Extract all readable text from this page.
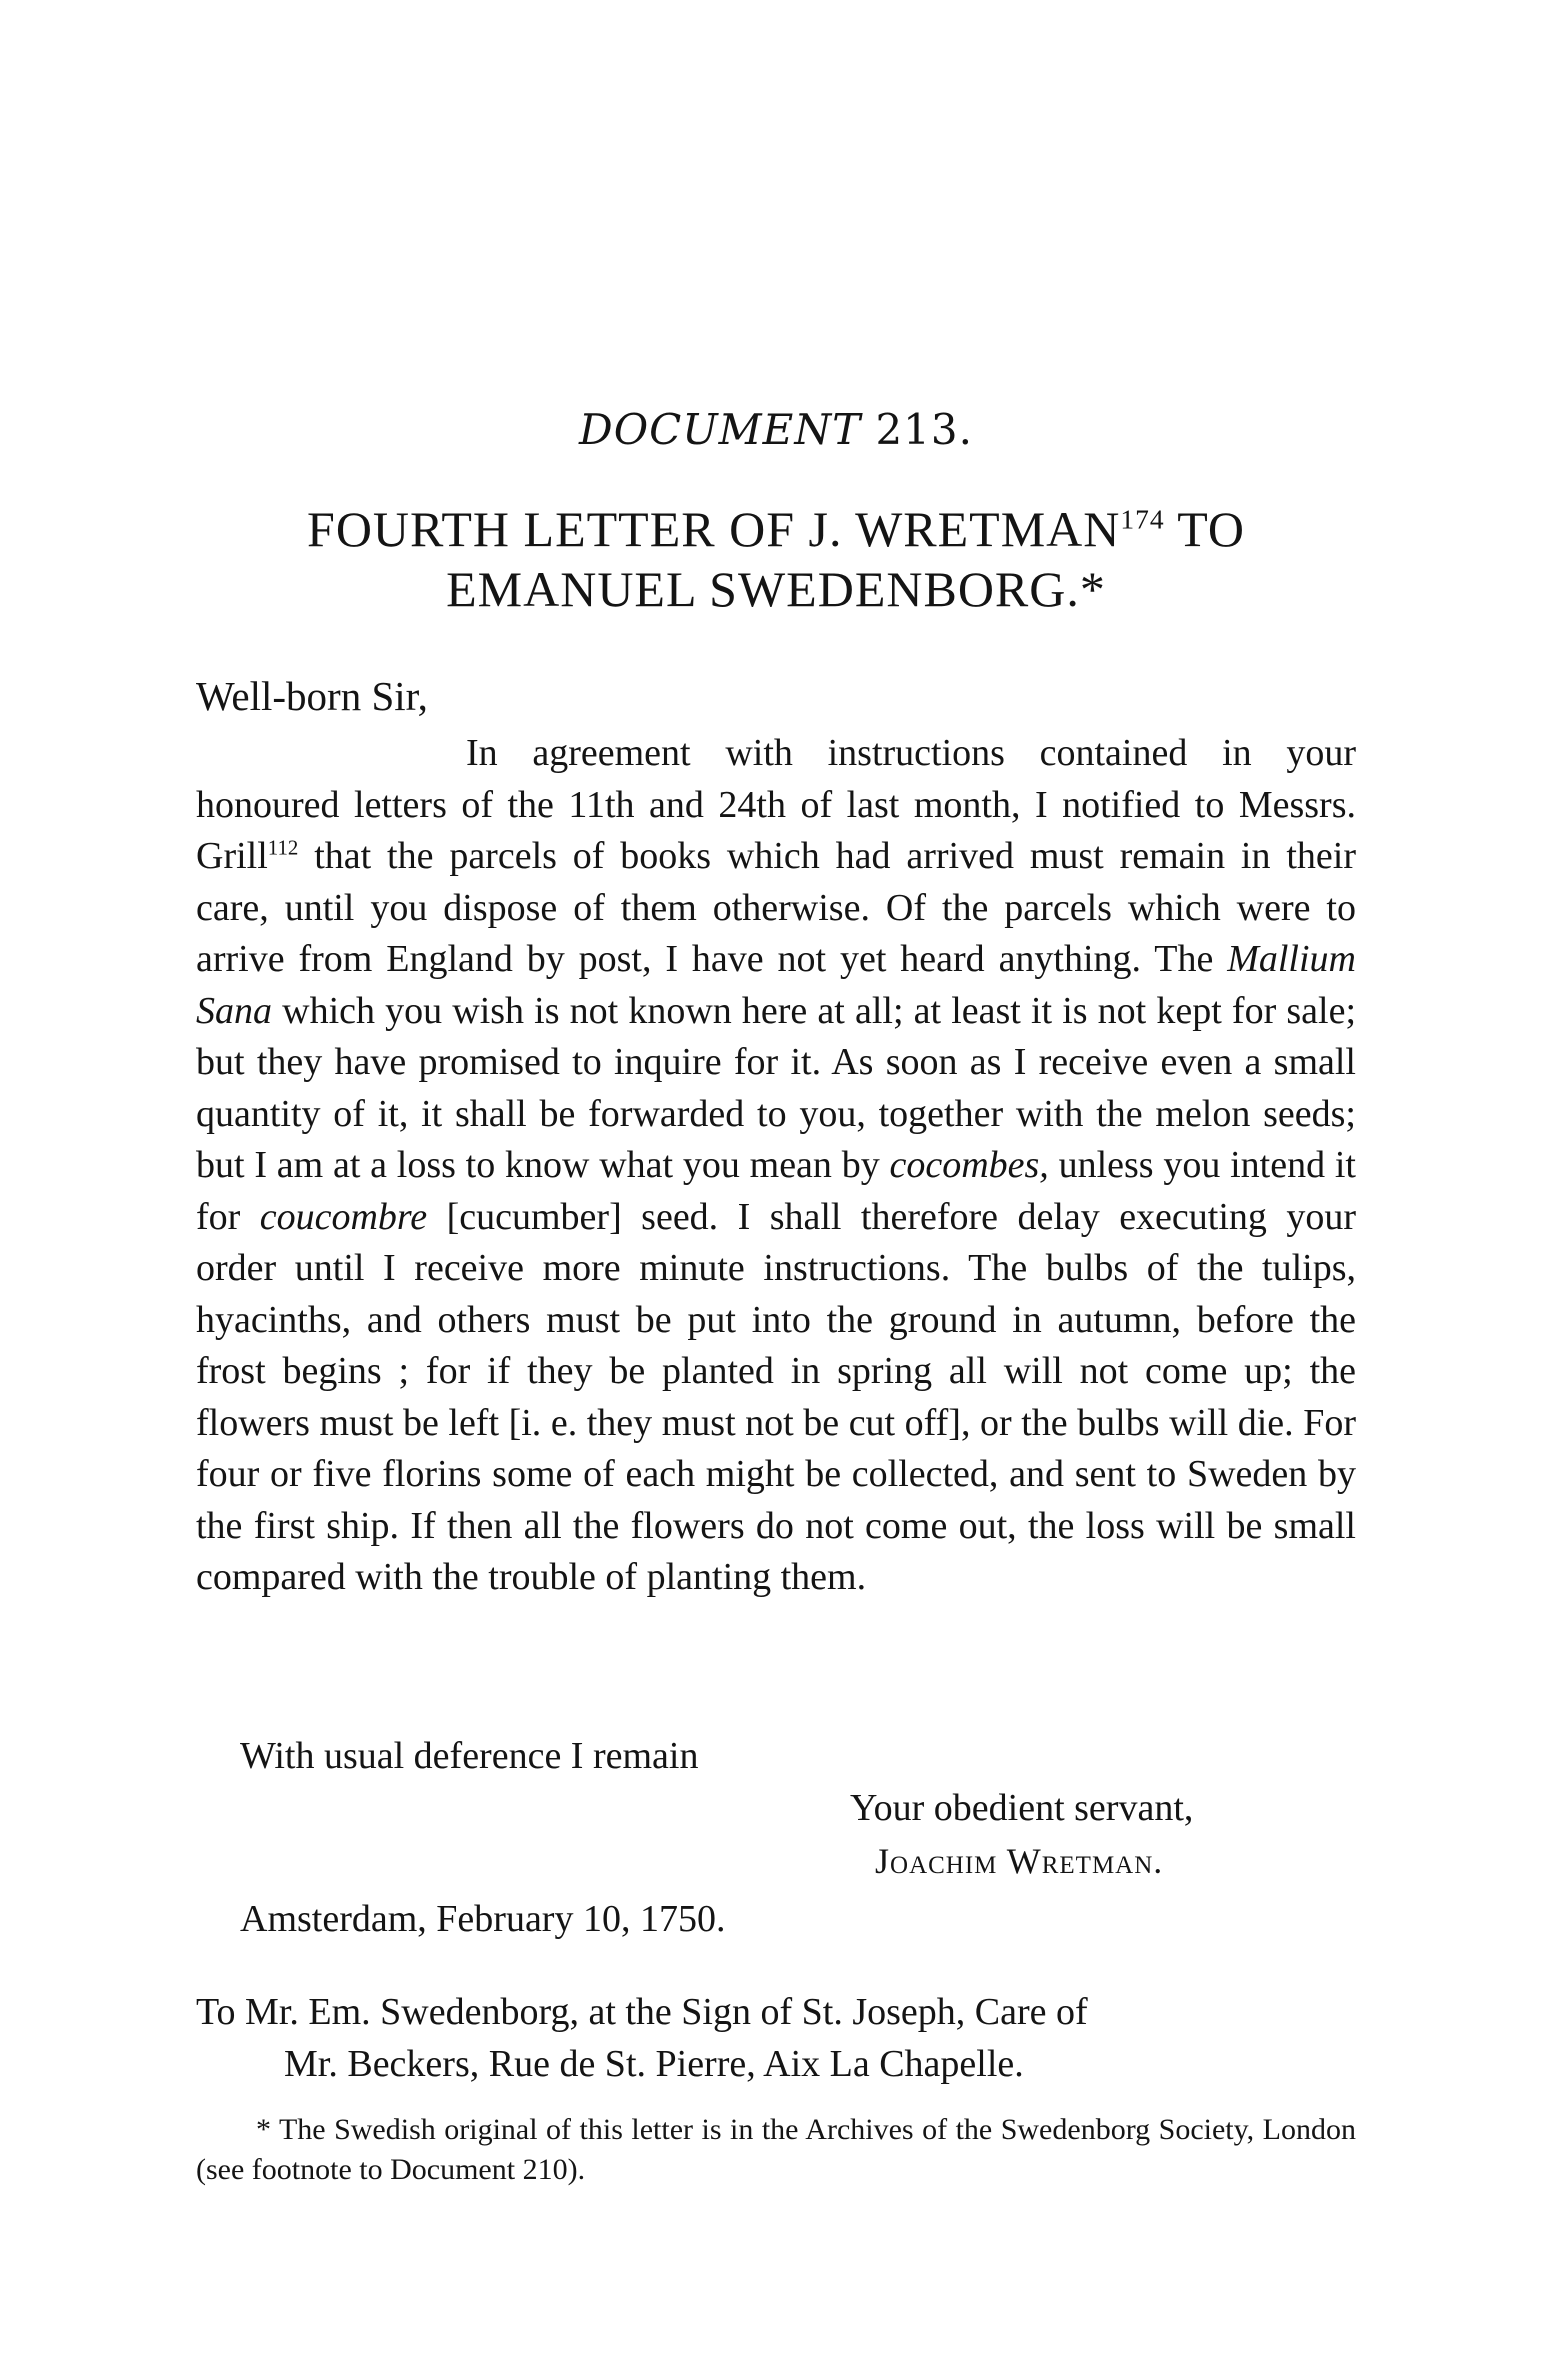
DOCUMENT 213.
FOURTH LETTER OF J. WRETMAN$^{174}$ TO
EMANUEL SWEDENBORG.*
Well-born Sir,
In agreement with instructions contained in your honoured letters of the 11th and 24th of last month, I notified to Messrs. Grill$^{112}$ that the parcels of books which had arrived must remain in their care, until you dispose of them otherwise. Of the parcels which were to arrive from England by post, I have not yet heard anything. The Mallium Sana which you wish is not known here at all; at least it is not kept for sale; but they have promised to inquire for it. As soon as I receive even a small quantity of it, it shall be forwarded to you, together with the melon seeds; but I am at a loss to know what you mean by cocombes, unless you intend it for coucombre [cucumber] seed. I shall therefore delay executing your order until I receive more minute instructions. The bulbs of the tulips, hyacinths, and others must be put into the ground in autumn, before the frost begins ; for if they be planted in spring all will not come up; the flowers must be left [i. e. they must not be cut off], or the bulbs will die. For four or five florins some of each might be collected, and sent to Sweden by the first ship. If then all the flowers do not come out, the loss will be small compared with the trouble of planting them.
With usual deference I remain
Your obedient servant,
Joachim Wretman.
Amsterdam, February 10, 1750.
To Mr. Em. Swedenborg, at the Sign of St. Joseph, Care of
Mr. Beckers, Rue de St. Pierre, Aix La Chapelle.
* The Swedish original of this letter is in the Archives of the Swedenborg Society, London (see footnote to Document 210).
